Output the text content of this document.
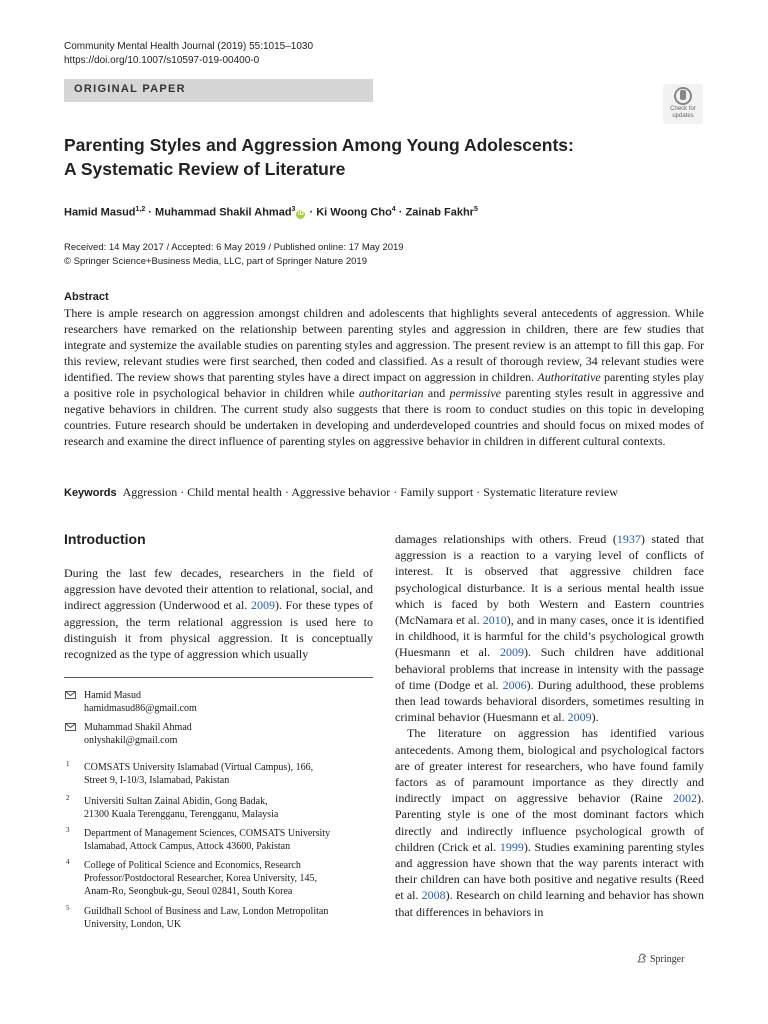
Community Mental Health Journal (2019) 55:1015–1030
https://doi.org/10.1007/s10597-019-00400-0
ORIGINAL PAPER
Check for
updates
Parenting Styles and Aggression Among Young Adolescents:
A Systematic Review of Literature
Hamid Masud$^{1,2}$ · Muhammad Shakil Ahmad$^3$iD · Ki Woong Cho$^4$ · Zainab Fakhr$^5$
Received: 14 May 2017 / Accepted: 6 May 2019 / Published online: 17 May 2019
© Springer Science+Business Media, LLC, part of Springer Nature 2019
Abstract
There is ample research on aggression amongst children and adolescents that highlights several antecedents of aggression. While researchers have remarked on the relationship between parenting styles and aggression in children, there are few studies that integrate and systemize the available studies on parenting styles and aggression. The present review is an attempt to fill this gap. For this review, relevant studies were first searched, then coded and classified. As a result of thorough review, 34 relevant studies were identified. The review shows that parenting styles have a direct impact on aggression in children. Authoritative parenting styles play a positive role in psychological behavior in children while authoritarian and permissive parenting styles result in aggressive and negative behaviors in children. The current study also suggests that there is room to conduct studies on this topic in developing countries. Future research should be undertaken in developing and underdeveloped countries and should focus on mixed modes of research and examine the direct influence of parenting styles on aggressive behavior in children in different cultural contexts.
Keywords Aggression · Child mental health · Aggressive behavior · Family support · Systematic literature review
Introduction
During the last few decades, researchers in the field of aggression have devoted their attention to relational, social, and indirect aggression (Underwood et al. 2009). For these types of aggression, the term relational aggression is used here to distinguish it from physical aggression. It is conceptually recognized as the type of aggression which usually

damages relationships with others. Freud (1937) stated that aggression is a reaction to a varying level of conflicts of interest. It is observed that aggressive children face psychological disturbance. It is a serious mental health issue which is faced by both Western and Eastern countries (McNamara et al. 2010), and in many cases, once it is identified in childhood, it is harmful for the child’s psychological growth (Huesmann et al. 2009). Such children have additional behavioral problems that increase in intensity with the passage of time (Dodge et al. 2006). During adulthood, these problems then lead towards behavioral disorders, sometimes resulting in criminal behavior (Huesmann et al. 2009).

The literature on aggression has identified various antecedents. Among them, biological and psychological factors are of greater interest for researchers, who have found family factors as of paramount importance as they directly and indirectly impact on aggressive behavior (Raine 2002). Parenting style is one of the most dominant factors which directly and indirectly influence psychological growth of children (Crick et al. 1999). Studies examining parenting styles and aggression have shown that the way parents interact with their children can have both positive and negative results (Reed et al. 2008). Research on child learning and behavior has shown that differences in behaviors in

Hamid Masud
hamidmasud86@gmail.com
Muhammad Shakil Ahmad
onlyshakil@gmail.com
1 COMSATS University Islamabad (Virtual Campus), 166,
Street 9, I-10/3, Islamabad, Pakistan
2 Universiti Sultan Zainal Abidin, Gong Badak,
21300 Kuala Terengganu, Terengganu, Malaysia
3 Department of Management Sciences, COMSATS University
Islamabad, Attock Campus, Attock 43600, Pakistan
4 College of Political Science and Economics, Research
Professor/Postdoctoral Researcher, Korea University, 145,
Anam-Ro, Seongbuk-gu, Seoul 02841, South Korea
5 Guildhall School of Business and Law, London Metropolitan
University, London, UK
Springer
